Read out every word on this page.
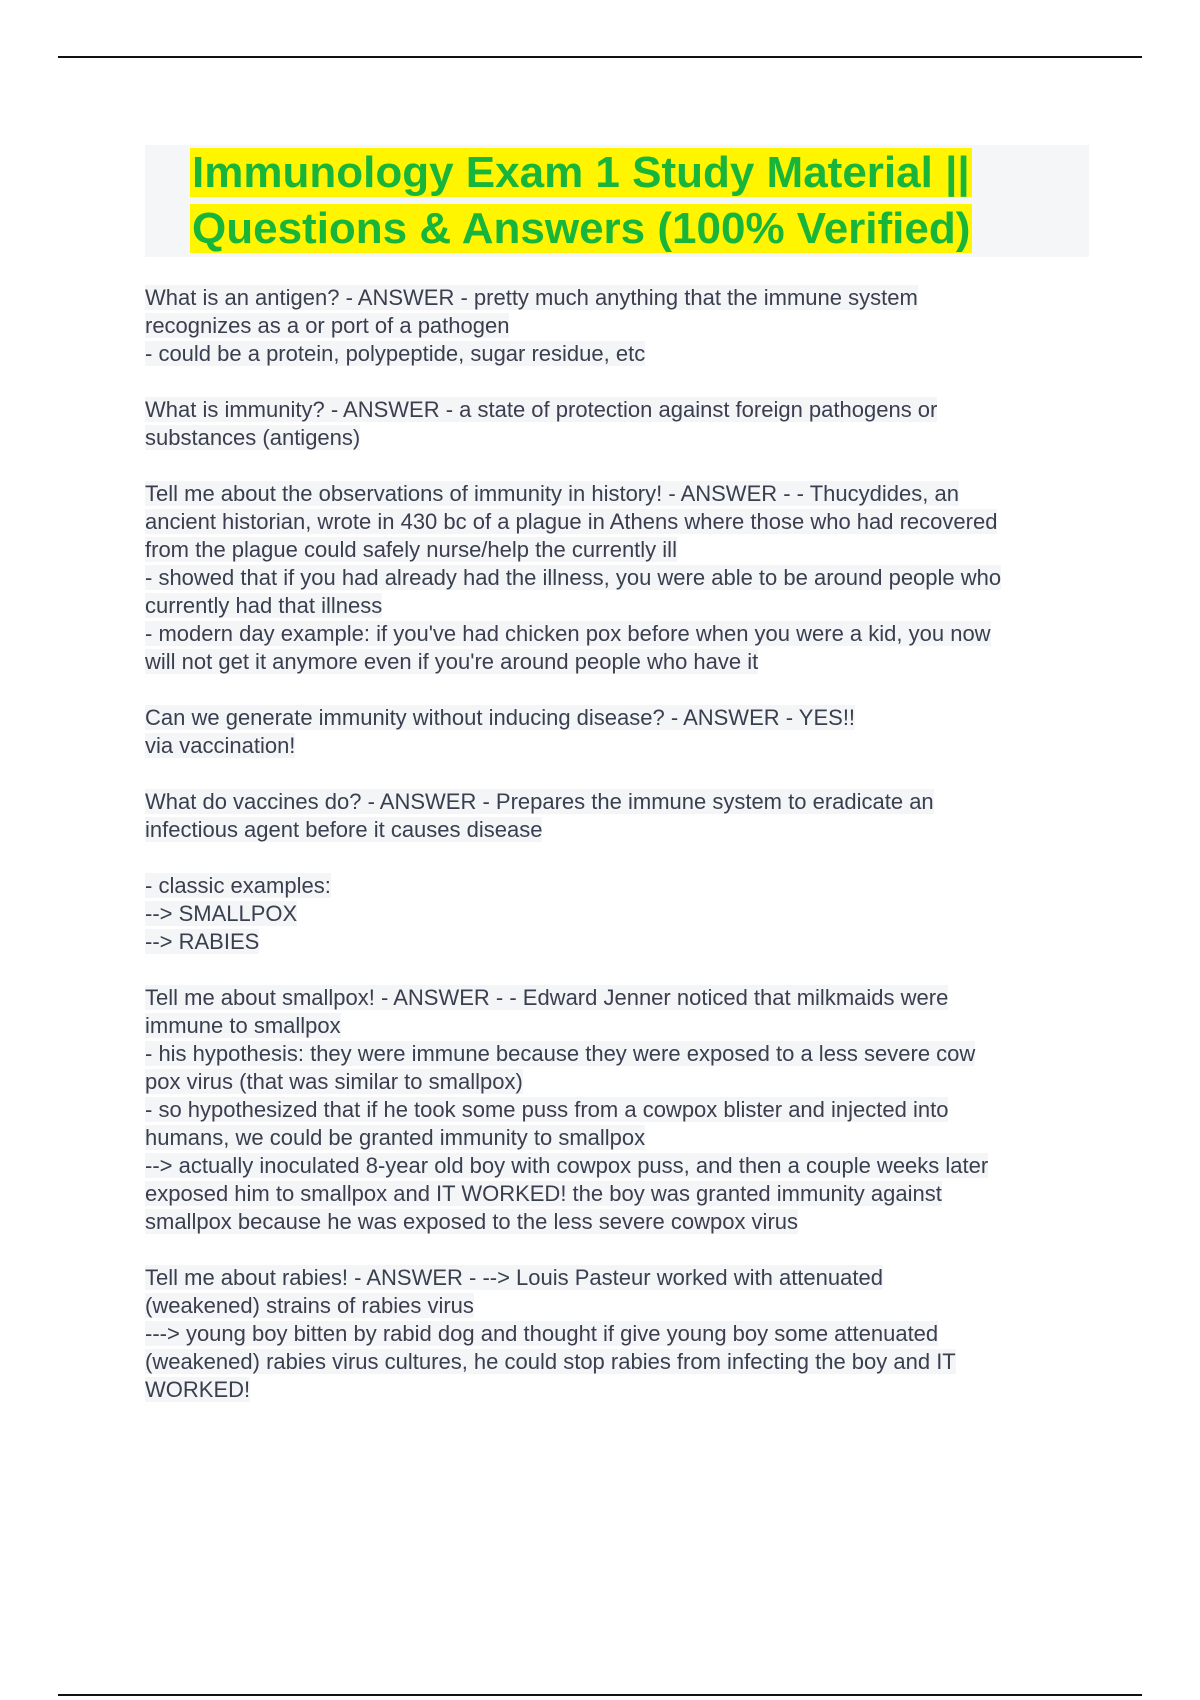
Immunology Exam 1 Study Material ||
Questions & Answers (100% Verified)
What is an antigen? - ANSWER - pretty much anything that the immune system
recognizes as a or port of a pathogen
- could be a protein, polypeptide, sugar residue, etc
What is immunity? - ANSWER - a state of protection against foreign pathogens or
substances (antigens)
Tell me about the observations of immunity in history! - ANSWER - - Thucydides, an
ancient historian, wrote in 430 bc of a plague in Athens where those who had recovered
from the plague could safely nurse/help the currently ill
- showed that if you had already had the illness, you were able to be around people who
currently had that illness
- modern day example: if you've had chicken pox before when you were a kid, you now
will not get it anymore even if you're around people who have it
Can we generate immunity without inducing disease? - ANSWER - YES!!
via vaccination!
What do vaccines do? - ANSWER - Prepares the immune system to eradicate an
infectious agent before it causes disease
- classic examples:
--> SMALLPOX
--> RABIES
Tell me about smallpox! - ANSWER - - Edward Jenner noticed that milkmaids were
immune to smallpox
- his hypothesis: they were immune because they were exposed to a less severe cow
pox virus (that was similar to smallpox)
- so hypothesized that if he took some puss from a cowpox blister and injected into
humans, we could be granted immunity to smallpox
--> actually inoculated 8-year old boy with cowpox puss, and then a couple weeks later
exposed him to smallpox and IT WORKED! the boy was granted immunity against
smallpox because he was exposed to the less severe cowpox virus
Tell me about rabies! - ANSWER - --> Louis Pasteur worked with attenuated
(weakened) strains of rabies virus
---> young boy bitten by rabid dog and thought if give young boy some attenuated
(weakened) rabies virus cultures, he could stop rabies from infecting the boy and IT
WORKED!
